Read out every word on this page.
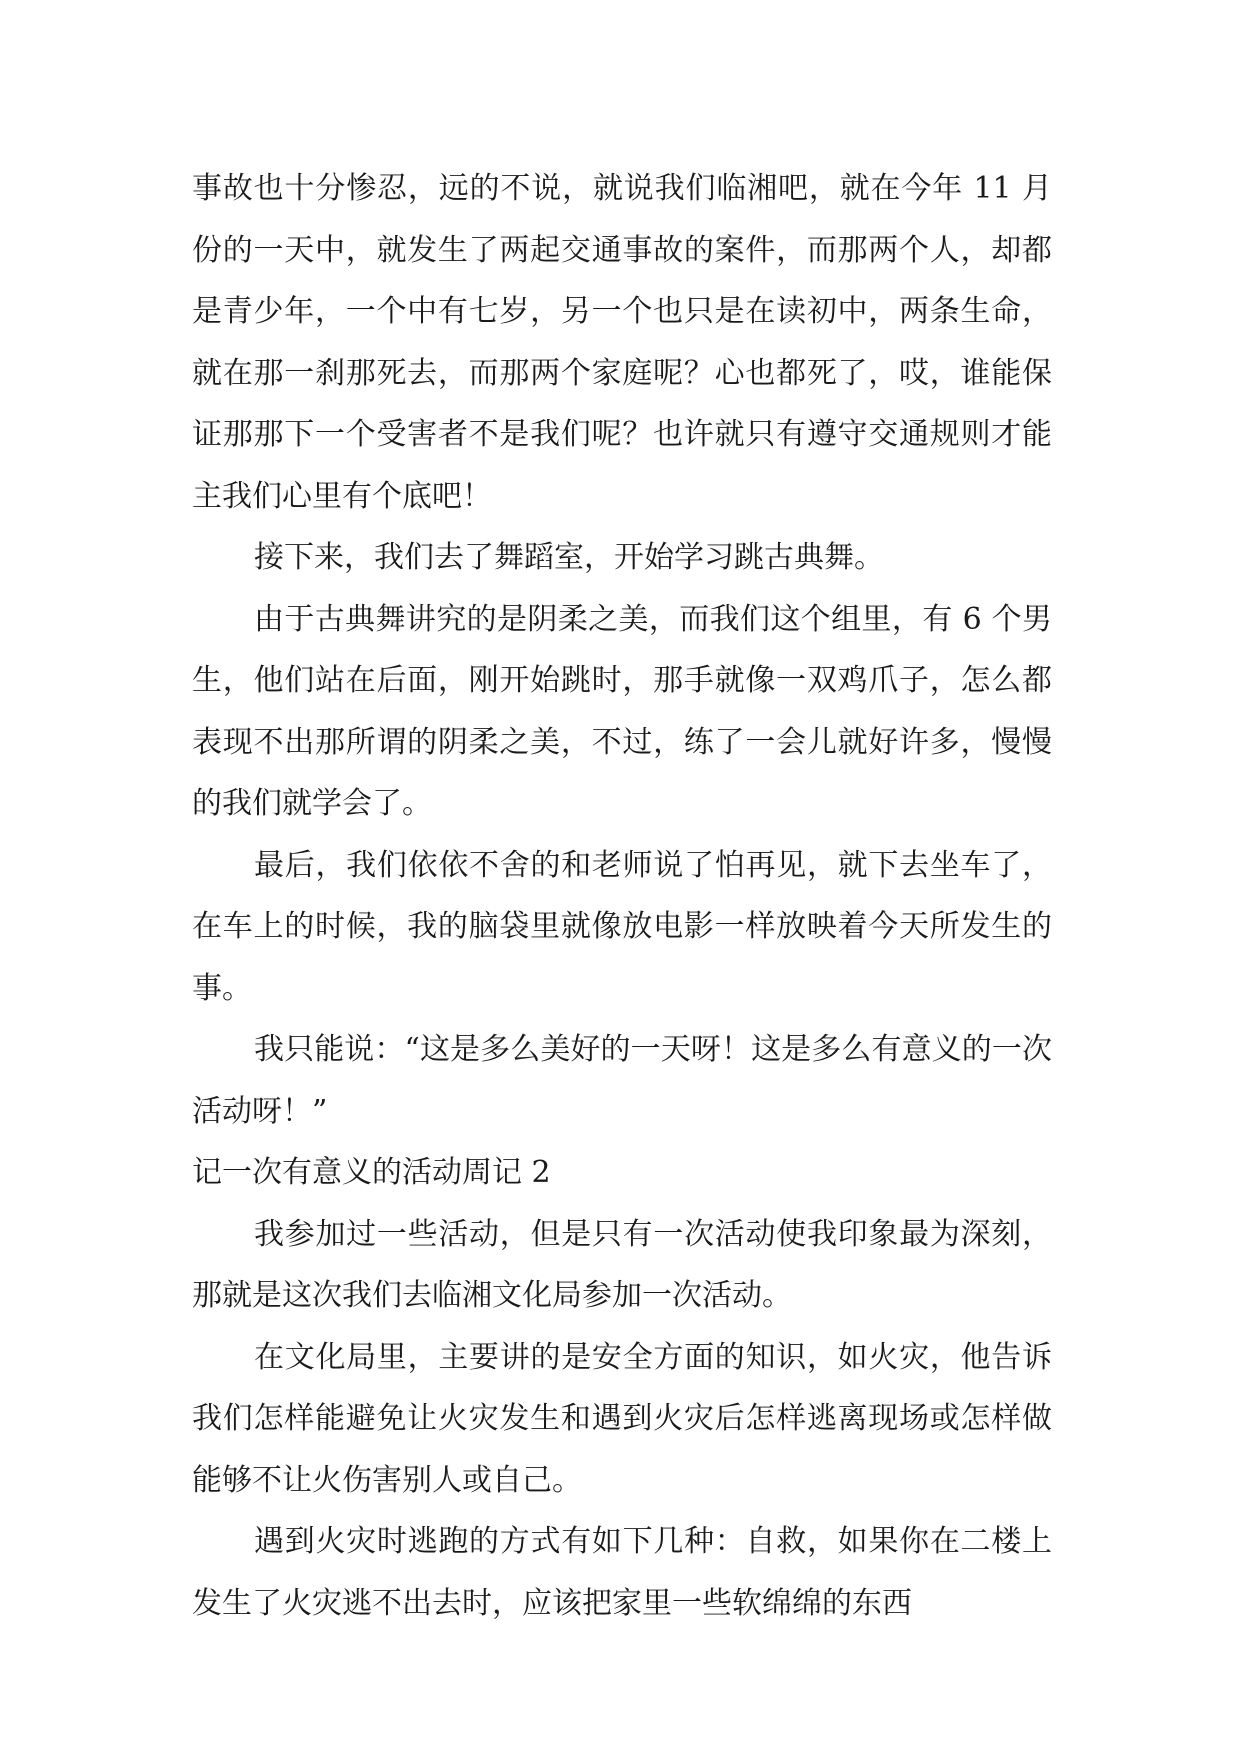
事故也十分惨忍，远的不说，就说我们临湘吧，就在今年 11 月份的一天中，就发生了两起交通事故的案件，而那两个人，却都是青少年，一个中有七岁，另一个也只是在读初中，两条生命，就在那一刹那死去，而那两个家庭呢？心也都死了，哎，谁能保证那那下一个受害者不是我们呢？也许就只有遵守交通规则才能主我们心里有个底吧！

接下来，我们去了舞蹈室，开始学习跳古典舞。

由于古典舞讲究的是阴柔之美，而我们这个组里，有 6 个男生，他们站在后面，刚开始跳时，那手就像一双鸡爪子，怎么都表现不出那所谓的阴柔之美，不过，练了一会儿就好许多，慢慢的我们就学会了。

最后，我们依依不舍的和老师说了怕再见，就下去坐车了，在车上的时候，我的脑袋里就像放电影一样放映着今天所发生的事。

我只能说：“这是多么美好的一天呀！这是多么有意义的一次活动呀！”

记一次有意义的活动周记 2

我参加过一些活动，但是只有一次活动使我印象最为深刻，那就是这次我们去临湘文化局参加一次活动。

在文化局里，主要讲的是安全方面的知识，如火灾，他告诉我们怎样能避免让火灾发生和遇到火灾后怎样逃离现场或怎样做能够不让火伤害别人或自己。

遇到火灾时逃跑的方式有如下几种：自救，如果你在二楼上发生了火灾逃不出去时，应该把家里一些软绵绵的东西
